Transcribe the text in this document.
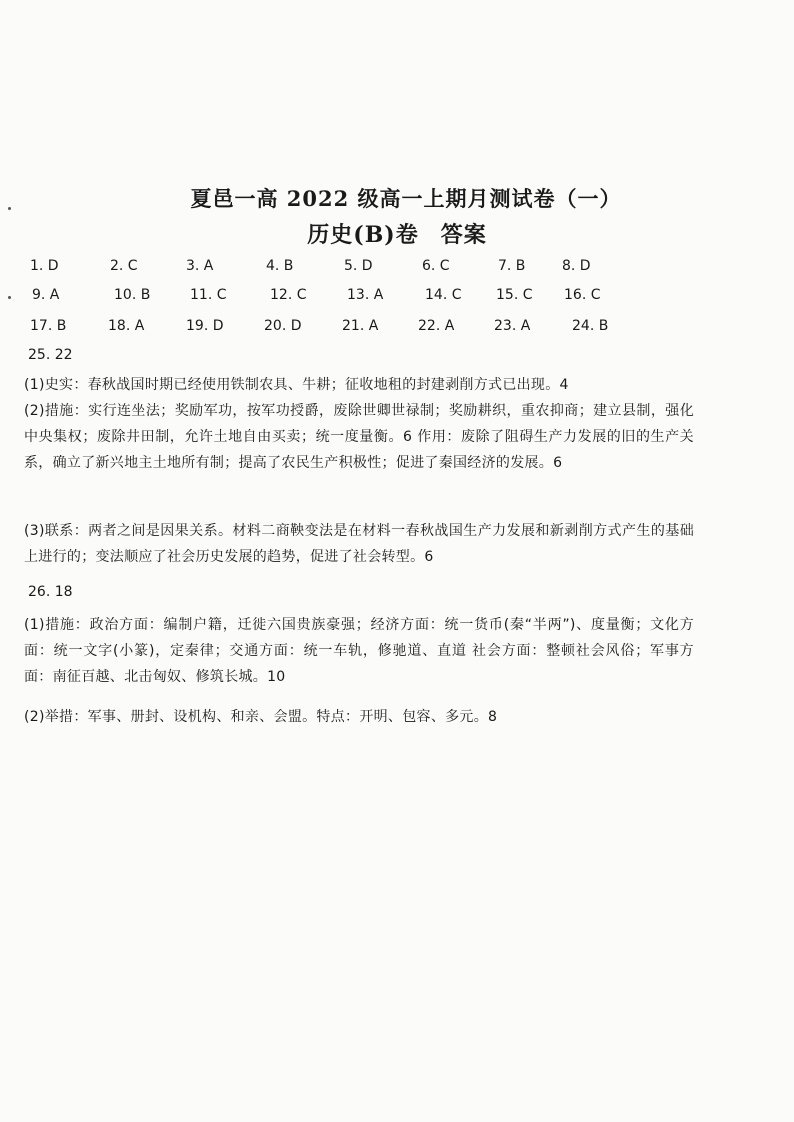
夏邑一高 2022 级高一上期月测试卷（一）
历史(B)卷 答案
1. D	2. C	3. A	4. B	5. D	6. C	7. B	8. D
9. A	10. B	11. C	12. C	13. A	14. C 15. C 16. C
17. B	18. A	19. D	20. D	21. A	22. A	23. A	24. B
25. 22
(1)史实：春秋战国时期已经使用铁制农具、牛耕；征收地租的封建剥削方式已出现。4
(2)措施：实行连坐法；奖励军功，按军功授爵，废除世卿世禄制；奖励耕织，重农抑商；建立县制，强化中央集权；废除井田制，允许土地自由买卖；统一度量衡。6 作用：废除了阻碍生产力发展的旧的生产关系，确立了新兴地主土地所有制；提高了农民生产积极性；促进了秦国经济的发展。6
(3)联系：两者之间是因果关系。材料二商鞅变法是在材料一春秋战国生产力发展和新剥削方式产生的基础上进行的；变法顺应了社会历史发展的趋势，促进了社会转型。6
26. 18
(1)措施：政治方面：编制户籍，迁徙六国贵族豪强；经济方面：统一货币(秦“半两”)、度量衡；文化方面：统一文字(小篆)，定秦律；交通方面：统一车轨，修驰道、直道 社会方面：整顿社会风俗；军事方面：南征百越、北击匈奴、修筑长城。10
(2)举措：军事、册封、设机构、和亲、会盟。特点：开明、包容、多元。8
